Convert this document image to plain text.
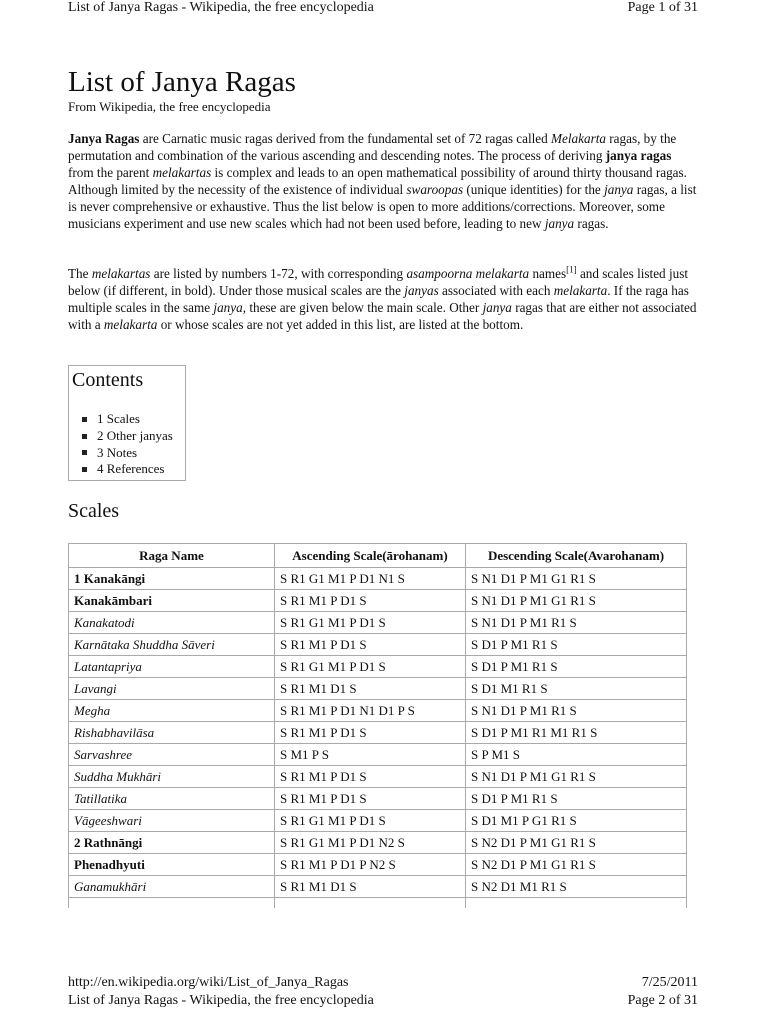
List of Janya Ragas - Wikipedia, the free encyclopedia	Page 1 of 31
List of Janya Ragas
From Wikipedia, the free encyclopedia

Janya Ragas are Carnatic music ragas derived from the fundamental set of 72 ragas called Melakarta ragas, by the permutation and combination of the various ascending and descending notes. The process of deriving janya ragas from the parent melakartas is complex and leads to an open mathematical possibility of around thirty thousand ragas. Although limited by the necessity of the existence of individual swaroopas (unique identities) for the janya ragas, a list is never comprehensive or exhaustive. Thus the list below is open to more additions/corrections. Moreover, some musicians experiment and use new scales which had not been used before, leading to new janya ragas.

The melakartas are listed by numbers 1-72, with corresponding asampoorna melakarta names[1] and scales listed just below (if different, in bold). Under those musical scales are the janyas associated with each melakarta. If the raga has multiple scales in the same janya, these are given below the main scale. Other janya ragas that are either not associated with a melakarta or whose scales are not yet added in this list, are listed at the bottom.

Contents
1 Scales
2 Other janyas
3 Notes
4 References
Scales
Raga Name	Ascending Scale(ārohanam)	Descending Scale(Avarohanam)
1 Kanakāngi	S R1 G1 M1 P D1 N1 S	S N1 D1 P M1 G1 R1 S
Kanakāmbari	S R1 M1 P D1 S	S N1 D1 P M1 G1 R1 S
Kanakatodi	S R1 G1 M1 P D1 S	S N1 D1 P M1 R1 S
Karnātaka Shuddha Sāveri	S R1 M1 P D1 S	S D1 P M1 R1 S
Latantapriya	S R1 G1 M1 P D1 S	S D1 P M1 R1 S
Lavangi	S R1 M1 D1 S	S D1 M1 R1 S
Megha	S R1 M1 P D1 N1 D1 P S	S N1 D1 P M1 R1 S
Rishabhavilāsa	S R1 M1 P D1 S	S D1 P M1 R1 M1 R1 S
Sarvashree	S M1 P S	S P M1 S
Suddha Mukhāri	S R1 M1 P D1 S	S N1 D1 P M1 G1 R1 S
Tatillatika	S R1 M1 P D1 S	S D1 P M1 R1 S
Vāgeeshwari	S R1 G1 M1 P D1 S	S D1 M1 P G1 R1 S
2 Rathnāngi	S R1 G1 M1 P D1 N2 S	S N2 D1 P M1 G1 R1 S
Phenadhyuti	S R1 M1 P D1 P N2 S	S N2 D1 P M1 G1 R1 S
Ganamukhāri	S R1 M1 D1 S	S N2 D1 M1 R1 S

http://en.wikipedia.org/wiki/List_of_Janya_Ragas	7/25/2011
List of Janya Ragas - Wikipedia, the free encyclopedia	Page 2 of 31
